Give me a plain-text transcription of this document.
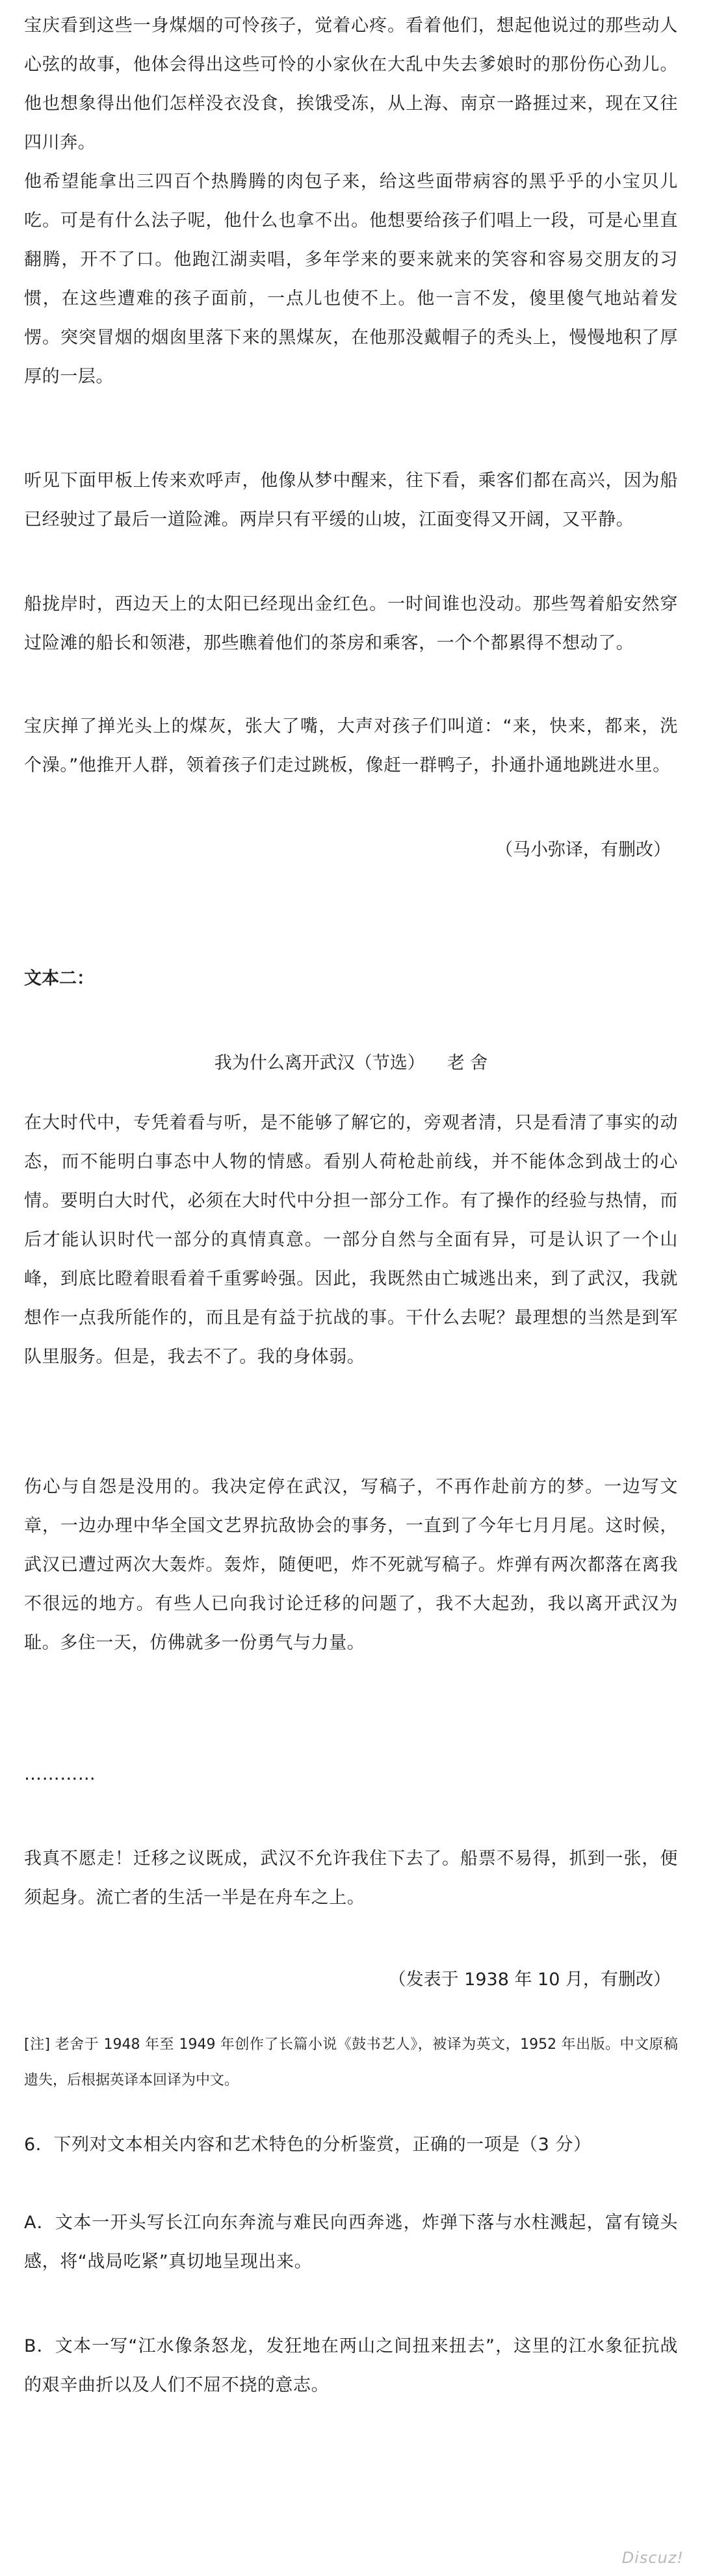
宝庆看到这些一身煤烟的可怜孩子，觉着心疼。看着他们，想起他说过的那些动人心弦的故事，他体会得出这些可怜的小家伙在大乱中失去爹娘时的那份伤心劲儿。他也想象得出他们怎样没衣没食，挨饿受冻，从上海、南京一路捱过来，现在又往四川奔。

他希望能拿出三四百个热腾腾的肉包子来，给这些面带病容的黑乎乎的小宝贝儿吃。可是有什么法子呢，他什么也拿不出。他想要给孩子们唱上一段，可是心里直翻腾，开不了口。他跑江湖卖唱，多年学来的要来就来的笑容和容易交朋友的习惯，在这些遭难的孩子面前，一点儿也使不上。他一言不发，傻里傻气地站着发愣。突突冒烟的烟囱里落下来的黑煤灰，在他那没戴帽子的秃头上，慢慢地积了厚厚的一层。

听见下面甲板上传来欢呼声，他像从梦中醒来，往下看，乘客们都在高兴，因为船已经驶过了最后一道险滩。两岸只有平缓的山坡，江面变得又开阔，又平静。

船拢岸时，西边天上的太阳已经现出金红色。一时间谁也没动。那些驾着船安然穿过险滩的船长和领港，那些瞧着他们的茶房和乘客，一个个都累得不想动了。

宝庆掸了掸光头上的煤灰，张大了嘴，大声对孩子们叫道：“来，快来，都来，洗个澡。”他推开人群，领着孩子们走过跳板，像赶一群鸭子，扑通扑通地跳进水里。

（马小弥译，有删改）

文本二：

我为什么离开武汉（节选） 老 舍

在大时代中，专凭着看与听，是不能够了解它的，旁观者清，只是看清了事实的动态，而不能明白事态中人物的情感。看别人荷枪赴前线，并不能体念到战士的心情。要明白大时代，必须在大时代中分担一部分工作。有了操作的经验与热情，而后才能认识时代一部分的真情真意。一部分自然与全面有异，可是认识了一个山峰，到底比瞪着眼看着千重雾岭强。因此，我既然由亡城逃出来，到了武汉，我就想作一点我所能作的，而且是有益于抗战的事。干什么去呢？最理想的当然是到军队里服务。但是，我去不了。我的身体弱。

伤心与自怨是没用的。我决定停在武汉，写稿子，不再作赴前方的梦。一边写文章，一边办理中华全国文艺界抗敌协会的事务，一直到了今年七月月尾。这时候，武汉已遭过两次大轰炸。轰炸，随便吧，炸不死就写稿子。炸弹有两次都落在离我不很远的地方。有些人已向我讨论迁移的问题了，我不大起劲，我以离开武汉为耻。多住一天，仿佛就多一份勇气与力量。

…………

我真不愿走！迁移之议既成，武汉不允许我住下去了。船票不易得，抓到一张，便须起身。流亡者的生活一半是在舟车之上。

（发表于 1938 年 10 月，有删改）

[注] 老舍于 1948 年至 1949 年创作了长篇小说《鼓书艺人》，被译为英文，1952 年出版。中文原稿遗失，后根据英译本回译为中文。

6．下列对文本相关内容和艺术特色的分析鉴赏，正确的一项是（3 分）

A．文本一开头写长江向东奔流与难民向西奔逃，炸弹下落与水柱溅起，富有镜头感，将“战局吃紧”真切地呈现出来。

B．文本一写“江水像条怒龙，发狂地在两山之间扭来扭去”，这里的江水象征抗战的艰辛曲折以及人们不屈不挠的意志。

Discuz!
